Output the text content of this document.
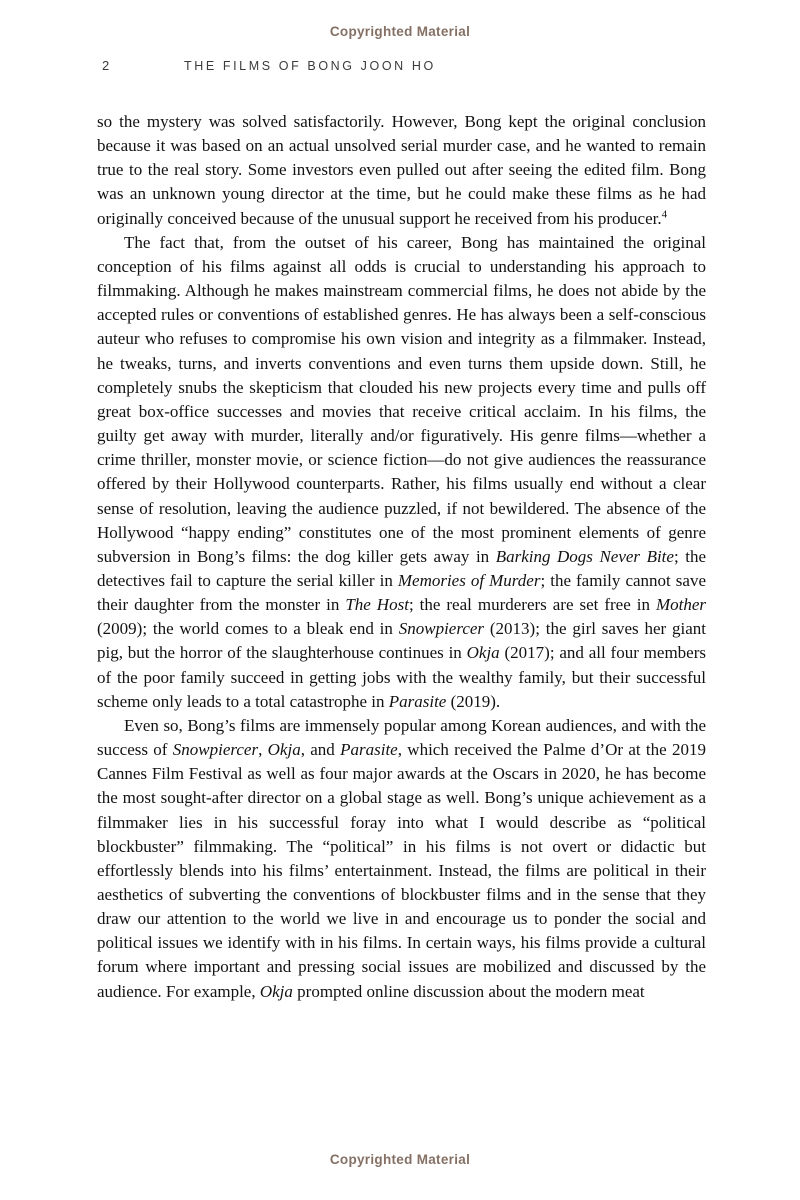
Copyrighted Material
2	THE FILMS OF BONG JOON HO

so the mystery was solved satisfactorily. However, Bong kept the original conclusion because it was based on an actual unsolved serial murder case, and he wanted to remain true to the real story. Some investors even pulled out after seeing the edited film. Bong was an unknown young director at the time, but he could make these films as he had originally conceived because of the unusual support he received from his producer.$^4$

The fact that, from the outset of his career, Bong has maintained the original conception of his films against all odds is crucial to understanding his approach to filmmaking. Although he makes mainstream commercial films, he does not abide by the accepted rules or conventions of established genres. He has always been a self-conscious auteur who refuses to compromise his own vision and integrity as a filmmaker. Instead, he tweaks, turns, and inverts conventions and even turns them upside down. Still, he completely snubs the skepticism that clouded his new projects every time and pulls off great box-office successes and movies that receive critical acclaim. In his films, the guilty get away with murder, literally and/or figuratively. His genre films—whether a crime thriller, monster movie, or science fiction—do not give audiences the reassurance offered by their Hollywood counterparts. Rather, his films usually end without a clear sense of resolution, leaving the audience puzzled, if not bewildered. The absence of the Hollywood “happy ending” constitutes one of the most prominent elements of genre subversion in Bong’s films: the dog killer gets away in Barking Dogs Never Bite; the detectives fail to capture the serial killer in Memories of Murder; the family cannot save their daughter from the monster in The Host; the real murderers are set free in Mother (2009); the world comes to a bleak end in Snowpiercer (2013); the girl saves her giant pig, but the horror of the slaughterhouse continues in Okja (2017); and all four members of the poor family succeed in getting jobs with the wealthy family, but their successful scheme only leads to a total catastrophe in Parasite (2019).

Even so, Bong’s films are immensely popular among Korean audiences, and with the success of Snowpiercer, Okja, and Parasite, which received the Palme d’Or at the 2019 Cannes Film Festival as well as four major awards at the Oscars in 2020, he has become the most sought-after director on a global stage as well. Bong’s unique achievement as a filmmaker lies in his successful foray into what I would describe as “political blockbuster” filmmaking. The “political” in his films is not overt or didactic but effortlessly blends into his films’ entertainment. Instead, the films are political in their aesthetics of subverting the conventions of blockbuster films and in the sense that they draw our attention to the world we live in and encourage us to ponder the social and political issues we identify with in his films. In certain ways, his films provide a cultural forum where important and pressing social issues are mobilized and discussed by the audience. For example, Okja prompted online discussion about the modern meat

Copyrighted Material
